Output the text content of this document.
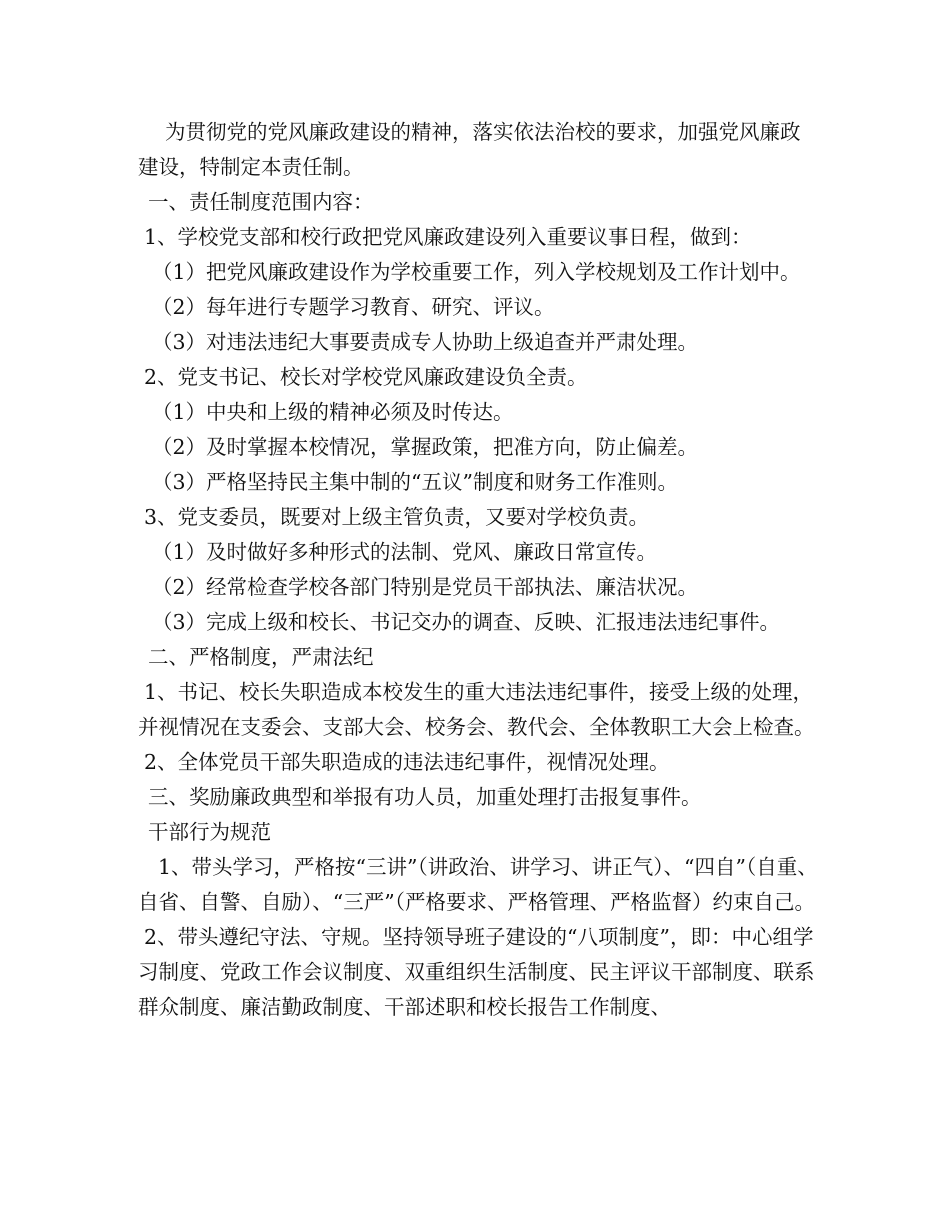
为贯彻党的党风廉政建设的精神，落实依法治校的要求，加强党风廉政建设，特制定本责任制。

一、责任制度范围内容：

1、学校党支部和校行政把党风廉政建设列入重要议事日程，做到：

（1）把党风廉政建设作为学校重要工作，列入学校规划及工作计划中。

（2）每年进行专题学习教育、研究、评议。

（3）对违法违纪大事要责成专人协助上级追查并严肃处理。

2、党支书记、校长对学校党风廉政建设负全责。

（1）中央和上级的精神必须及时传达。

（2）及时掌握本校情况，掌握政策，把准方向，防止偏差。

（3）严格坚持民主集中制的“五议”制度和财务工作准则。

3、党支委员，既要对上级主管负责，又要对学校负责。

（1）及时做好多种形式的法制、党风、廉政日常宣传。

（2）经常检查学校各部门特别是党员干部执法、廉洁状况。

（3）完成上级和校长、书记交办的调查、反映、汇报违法违纪事件。

二、严格制度，严肃法纪

1、书记、校长失职造成本校发生的重大违法违纪事件，接受上级的处理，并视情况在支委会、支部大会、校务会、教代会、全体教职工大会上检查。

2、全体党员干部失职造成的违法违纪事件，视情况处理。

三、奖励廉政典型和举报有功人员，加重处理打击报复事件。

干部行为规范

1、带头学习，严格按“三讲”（讲政治、讲学习、讲正气）、“四自”（自重、自省、自警、自励）、“三严”（严格要求、严格管理、严格监督）约束自己。

2、带头遵纪守法、守规。坚持领导班子建设的“八项制度”，即：中心组学习制度、党政工作会议制度、双重组织生活制度、民主评议干部制度、联系群众制度、廉洁勤政制度、干部述职和校长报告工作制度、
